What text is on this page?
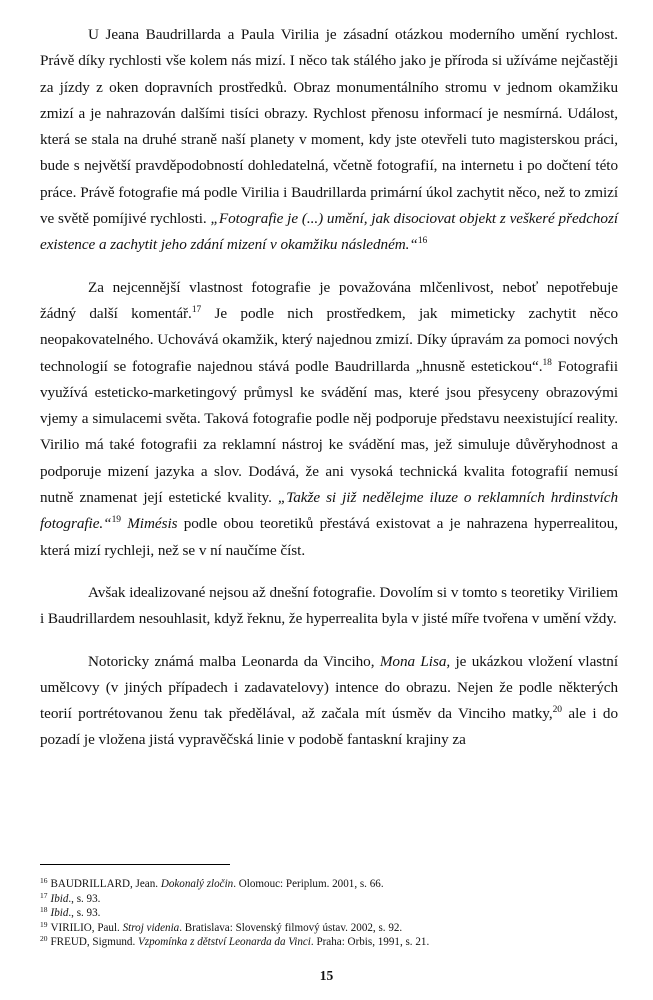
U Jeana Baudrillarda a Paula Virilia je zásadní otázkou moderního umění rychlost. Právě díky rychlosti vše kolem nás mizí. I něco tak stálého jako je příroda si užíváme nejčastěji za jízdy z oken dopravních prostředků. Obraz monumentálního stromu v jednom okamžiku zmizí a je nahrazován dalšími tisíci obrazy. Rychlost přenosu informací je nesmírná. Událost, která se stala na druhé straně naší planety v moment, kdy jste otevřeli tuto magisterskou práci, bude s největší pravděpodobností dohledatelná, včetně fotografií, na internetu i po dočtení této práce. Právě fotografie má podle Virilia i Baudrillarda primární úkol zachytit něco, než to zmizí ve světě pomíjivé rychlosti. „Fotografie je (...) umění, jak disociovat objekt z veškeré předchozí existence a zachytit jeho zdání mizení v okamžiku následném.“$^{16}$

Za nejcennější vlastnost fotografie je považována mlčenlivost, neboť nepotřebuje žádný další komentář.$^{17}$ Je podle nich prostředkem, jak mimeticky zachytit něco neopakovatelného. Uchovává okamžik, který najednou zmizí. Díky úpravám za pomoci nových technologií se fotografie najednou stává podle Baudrillarda „hnusně estetickou“.$^{18}$ Fotografii využívá esteticko-marketingový průmysl ke svádění mas, které jsou přesyceny obrazovými vjemy a simulacemi světa. Taková fotografie podle něj podporuje představu neexistující reality. Virilio má také fotografii za reklamní nástroj ke svádění mas, jež simuluje důvěryhodnost a podporuje mizení jazyka a slov. Dodává, že ani vysoká technická kvalita fotografií nemusí nutně znamenat její estetické kvality. „Takže si již nedělejme iluze o reklamních hrdinstvích fotografie.“$^{19}$ Mimésis podle obou teoretiků přestává existovat a je nahrazena hyperrealitou, která mizí rychleji, než se v ní naučíme číst.

Avšak idealizované nejsou až dnešní fotografie. Dovolím si v tomto s teoretiky Viriliem i Baudrillardem nesouhlasit, když řeknu, že hyperrealita byla v jisté míře tvořena v umění vždy.

Notoricky známá malba Leonarda da Vinciho, Mona Lisa, je ukázkou vložení vlastní umělcovy (v jiných případech i zadavatelovy) intence do obrazu. Nejen že podle některých teorií portrétovanou ženu tak předělával, až začala mít úsměv da Vinciho matky,$^{20}$ ale i do pozadí je vložena jistá vypravěčská linie v podobě fantaskní krajiny za

$^{16}$ BAUDRILLARD, Jean. Dokonalý zločin. Olomouc: Periplum. 2001, s. 66.
$^{17}$ Ibid., s. 93.
$^{18}$ Ibid., s. 93.
$^{19}$ VIRILIO, Paul. Stroj videnia. Bratislava: Slovenský filmový ústav. 2002, s. 92.
$^{20}$ FREUD, Sigmund. Vzpomínka z dětství Leonarda da Vinci. Praha: Orbis, 1991, s. 21.
15
